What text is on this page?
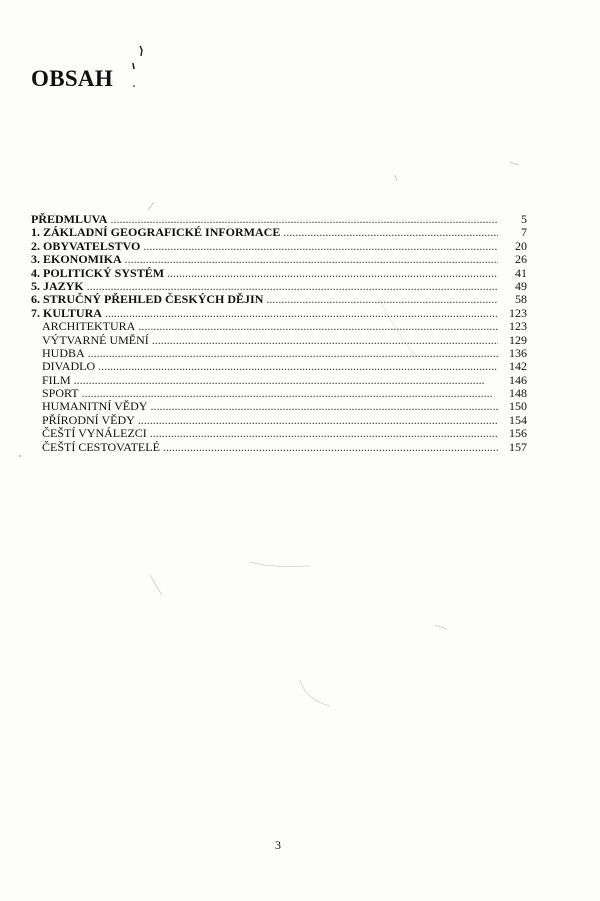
OBSAH
PŘEDMLUVA . . .	5
1. ZÁKLADNÍ GEOGRAFICKÉ INFORMACE . . .	7
2. OBYVATELSTVO . . .	20
3. EKONOMIKA . . .	26
4. POLITICKÝ SYSTÉM . . .	41
5. JAZYK . . .	49
6. STRUČNÝ PŘEHLED ČESKÝCH DĚJIN . . .	58
7. KULTURA . . .	123
ARCHITEKTURA . . .	123
VÝTVARNÉ UMĚNÍ . . .	129
HUDBA . . .	136
DIVADLO . . .	142
FILM . . .	146
SPORT . . .	148
HUMANITNÍ VĚDY . . .	150
PŘÍRODNÍ VĚDY . . .	154
ČEŠTÍ VYNÁLEZCI . . .	156
ČEŠTÍ CESTOVATELÉ . . .	157
3
